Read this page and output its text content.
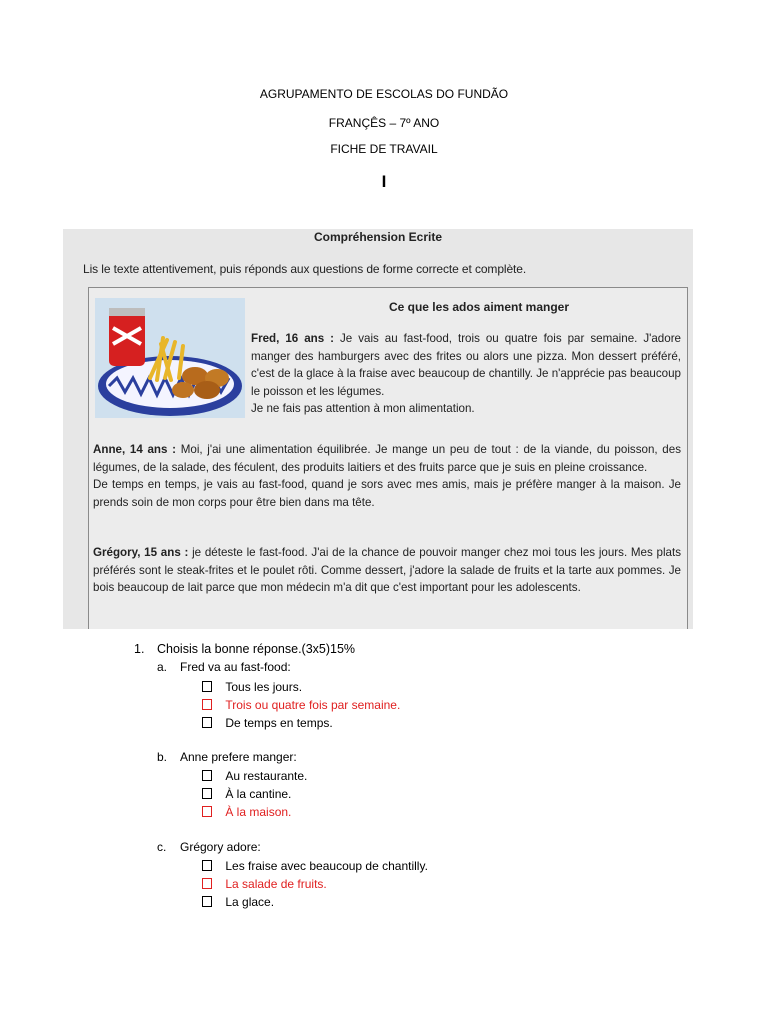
AGRUPAMENTO DE ESCOLAS DO FUNDÃO
FRANÇÊS – 7º ANO
FICHE DE TRAVAIL
I
Compréhension Ecrite
Lis le texte attentivement, puis réponds aux questions de forme correcte et complète.
Ce que les ados aiment manger
Fred, 16 ans : Je vais au fast-food, trois ou quatre fois par semaine. J'adore manger des hamburgers avec des frites ou alors une pizza. Mon dessert préféré, c'est de la glace à la fraise avec beaucoup de chantilly. Je n'apprécie pas beaucoup le poisson et les légumes.
Je ne fais pas attention à mon alimentation.
Anne, 14 ans : Moi, j'ai une alimentation équilibrée. Je mange un peu de tout : de la viande, du poisson, des légumes, de la salade, des féculent, des produits laitiers et des fruits parce que je suis en pleine croissance.
De temps en temps, je vais au fast-food, quand je sors avec mes amis, mais je préfère manger à la maison. Je prends soin de mon corps pour être bien dans ma tête.
Grégory, 15 ans : je déteste le fast-food. J'ai de la chance de pouvoir manger chez moi tous les jours. Mes plats préférés sont le steak-frites et le poulet rôti. Comme dessert, j'adore la salade de fruits et la tarte aux pommes. Je bois beaucoup de lait parce que mon médecin m'a dit que c'est important pour les adolescents.
1. Choisis la bonne réponse.(3x5)15%
a. Fred va au fast-food:
Tous les jours.
Trois ou quatre fois par semaine.
De temps en temps.
b. Anne prefere manger:
Au restaurante.
À la cantine.
À la maison.
c. Grégory adore:
Les fraise avec beaucoup de chantilly.
La salade de fruits.
La glace.
